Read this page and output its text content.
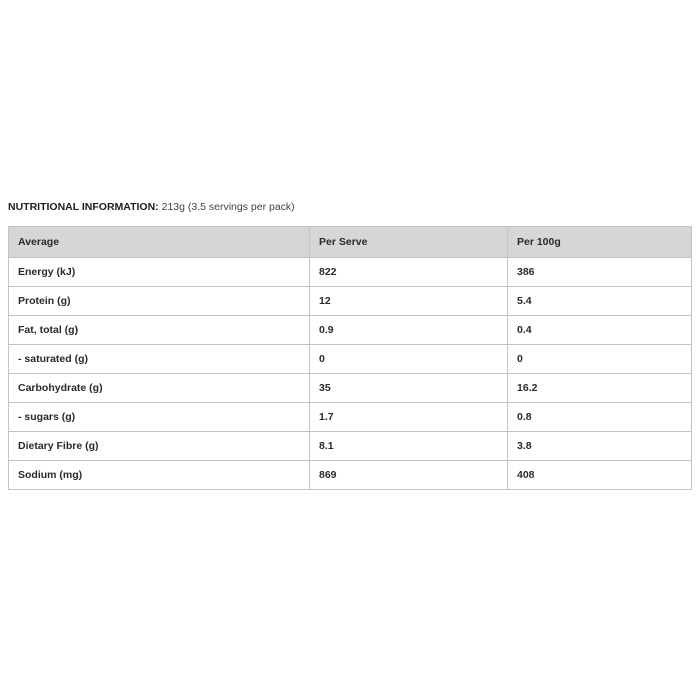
NUTRITIONAL INFORMATION: 213g (3.5 servings per pack)
Average	Per Serve	Per 100g
Energy (kJ)	822	386
Protein (g)	12	5.4
Fat, total (g)	0.9	0.4
- saturated (g)	0	0
Carbohydrate (g)	35	16.2
- sugars (g)	1.7	0.8
Dietary Fibre (g)	8.1	3.8
Sodium (mg)	869	408
